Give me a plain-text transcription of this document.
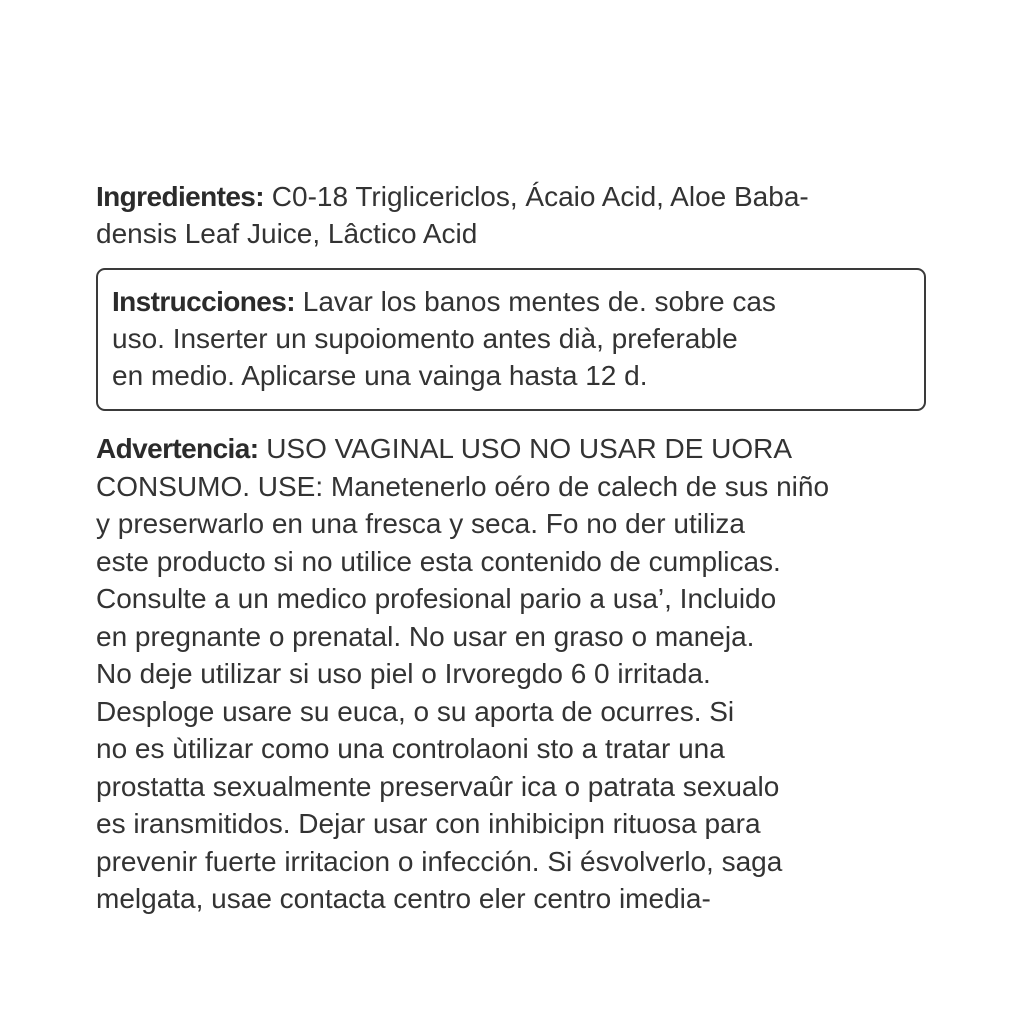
Ingredientes: C0-18 Triglicericlos, Ácaio Acid, Aloe Baba-
densis Leaf Juice, Lâctico Acid

Instrucciones: Lavar los banos mentes de. sobre cas
uso. Inserter un supoiomento antes dià, preferable
en medio. Aplicarse una vainga hasta 12 d.

Advertencia: USO VAGINAL USO NO USAR DE UORA
CONSUMO. USE: Manetenerlo oéro de calech de sus niño
y preserwarlo en una fresca y seca. Fo no der utiliza
este producto si no utilice esta contenido de cumplicas.
Consulte a un medico profesional pario a usa’, Incluido
en pregnante o prenatal. No usar en graso o maneja.
No deje utilizar si uso piel o Irvoregdo 6 0 irritada.
Desploge usare su euca, o su aporta de ocurres. Si
no es ùtilizar como una controlaoni sto a tratar una
prostatta sexualmente preservaûr ica o patrata sexualo
es iransmitidos. Dejar usar con inhibicipn rituosa para
prevenir fuerte irritacion o infección. Si ésvolverlo, saga
melgata, usae contacta centro eler centro imedia-
